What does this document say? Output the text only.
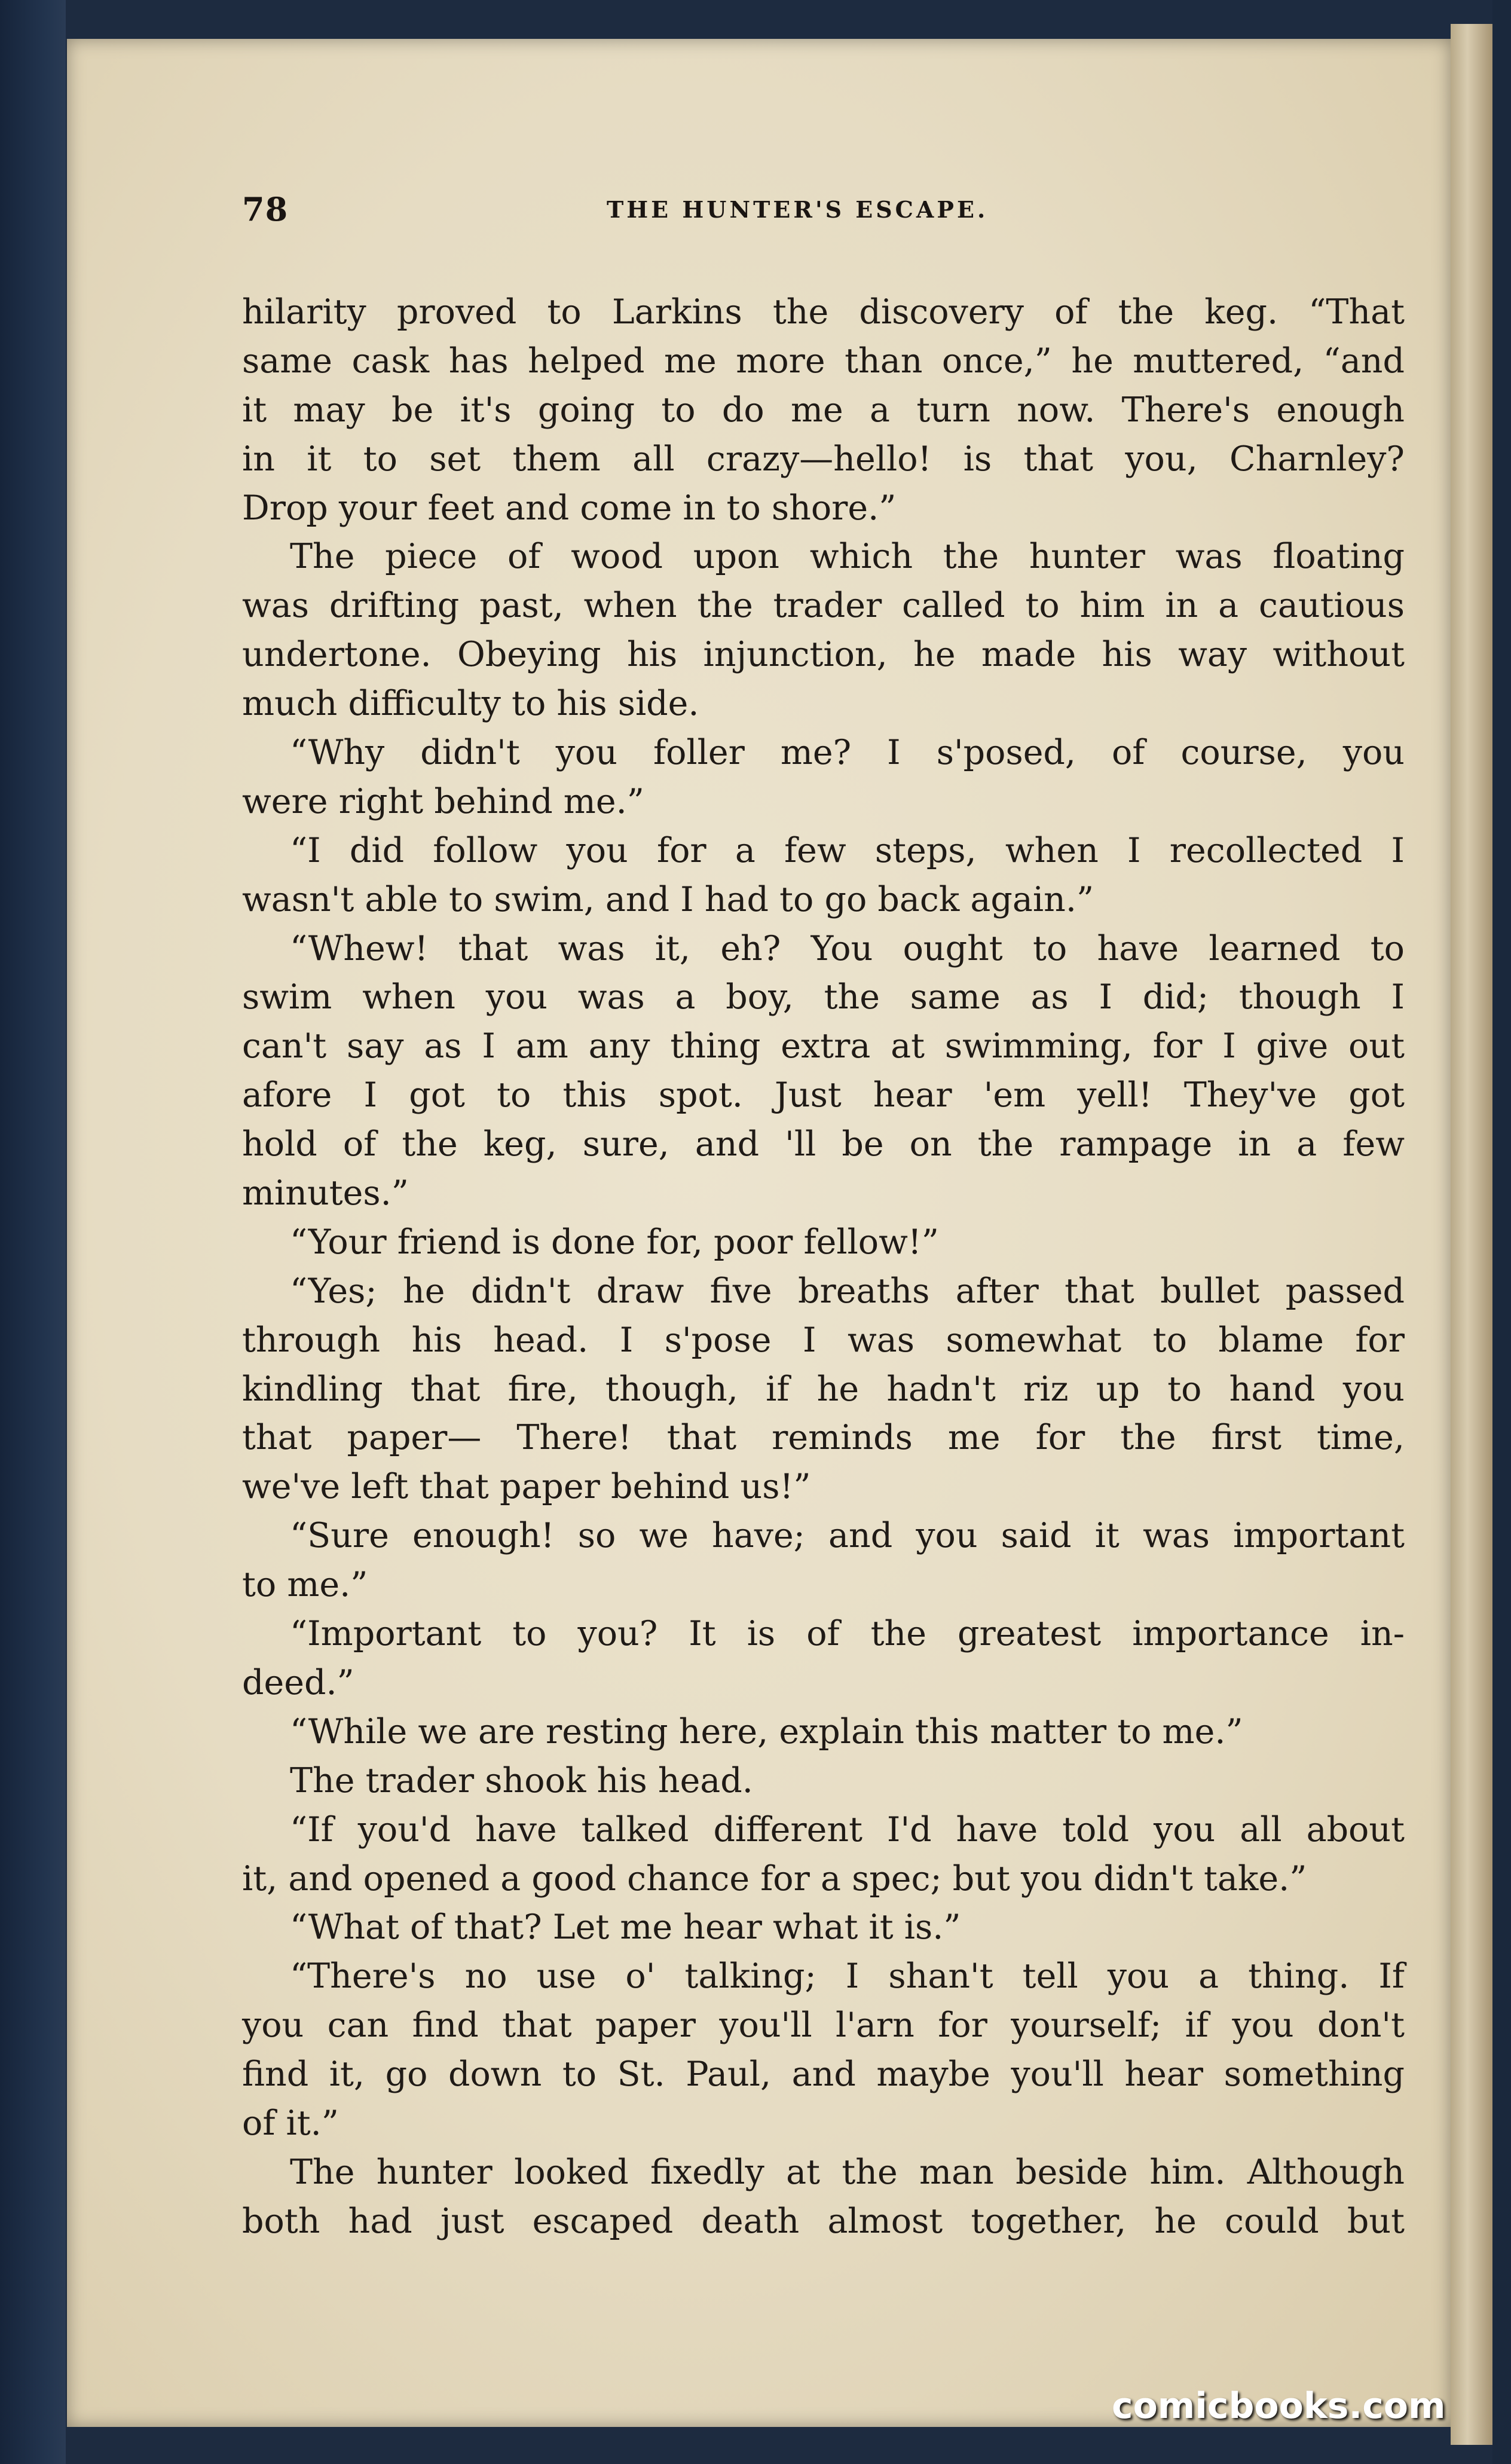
78	THE HUNTER'S ESCAPE.
hilarity proved to Larkins the discovery of the keg. “That
same cask has helped me more than once,” he muttered, “and
it may be it's going to do me a turn now. There's enough
in it to set them all crazy—hello! is that you, Charnley?
Drop your feet and come in to shore.”
The piece of wood upon which the hunter was floating
was drifting past, when the trader called to him in a cautious
undertone. Obeying his injunction, he made his way without
much difficulty to his side.
“Why didn't you foller me? I s'posed, of course, you
were right behind me.”
“I did follow you for a few steps, when I recollected I
wasn't able to swim, and I had to go back again.”
“Whew! that was it, eh? You ought to have learned to
swim when you was a boy, the same as I did; though I
can't say as I am any thing extra at swimming, for I give out
afore I got to this spot. Just hear 'em yell! They've got
hold of the keg, sure, and 'll be on the rampage in a few
minutes.”
“Your friend is done for, poor fellow!”
“Yes; he didn't draw five breaths after that bullet passed
through his head. I s'pose I was somewhat to blame for
kindling that fire, though, if he hadn't riz up to hand you
that paper— There! that reminds me for the first time,
we've left that paper behind us!”
“Sure enough! so we have; and you said it was important
to me.”
“Important to you? It is of the greatest importance in-
deed.”
“While we are resting here, explain this matter to me.”
The trader shook his head.
“If you'd have talked different I'd have told you all about
it, and opened a good chance for a spec; but you didn't take.”
“What of that? Let me hear what it is.”
“There's no use o' talking; I shan't tell you a thing. If
you can find that paper you'll l'arn for yourself; if you don't
find it, go down to St. Paul, and maybe you'll hear something
of it.”
The hunter looked fixedly at the man beside him. Although
both had just escaped death almost together, he could but
comicbooks.com
